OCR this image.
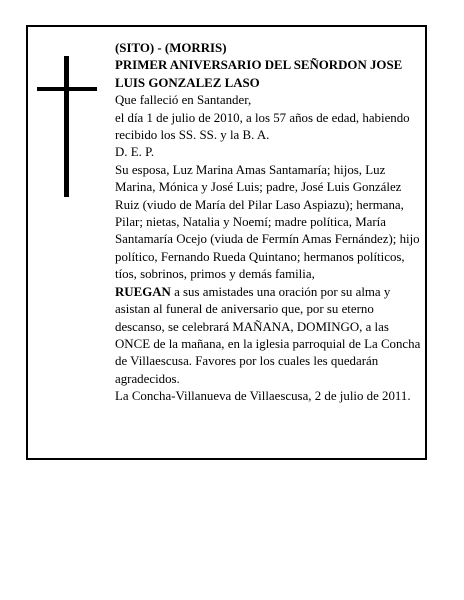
(SITO) - (MORRIS)

PRIMER ANIVERSARIO DEL SEÑORDON JOSE LUIS GONZALEZ LASO

Que falleció en Santander,

el día 1 de julio de 2010, a los 57 años de edad, habiendo recibido los SS. SS. y la B. A.

D. E. P.

Su esposa, Luz Marina Amas Santamaría; hijos, Luz Marina, Mónica y José Luis; padre, José Luis González Ruiz (viudo de María del Pilar Laso Aspiazu); hermana, Pilar; nietas, Natalia y Noemí; madre política, María Santamaría Ocejo (viuda de Fermín Amas Fernández); hijo político, Fernando Rueda Quintano; hermanos políticos, tíos, sobrinos, primos y demás familia,

RUEGAN a sus amistades una oración por su alma y asistan al funeral de aniversario que, por su eterno descanso, se celebrará MAÑANA, DOMINGO, a las ONCE de la mañana, en la iglesia parroquial de La Concha de Villaescusa. Favores por los cuales les quedarán agradecidos.

La Concha-Villanueva de Villaescusa, 2 de julio de 2011.
